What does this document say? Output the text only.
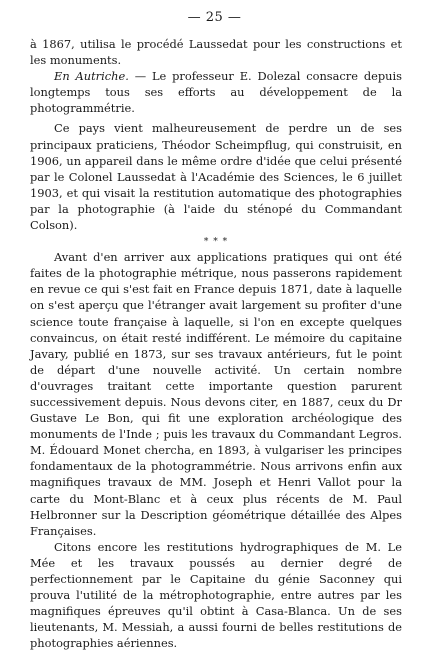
— 25 —

à 1867, utilisa le procédé Laussedat pour les constructions et les monuments.

En Autriche. — Le professeur E. Dolezal consacre depuis longtemps tous ses efforts au développement de la photogrammétrie.

Ce pays vient malheureusement de perdre un de ses principaux praticiens, Théodor Scheimpflug, qui construisit, en 1906, un appareil dans le même ordre d'idée que celui présenté par le Colonel Laussedat à l'Académie des Sciences, le 6 juillet 1903, et qui visait la restitution automatique des photographies par la photographie (à l'aide du sténopé du Commandant Colson).

* * *

Avant d'en arriver aux applications pratiques qui ont été faites de la photographie métrique, nous passerons rapidement en revue ce qui s'est fait en France depuis 1871, date à laquelle on s'est aperçu que l'étranger avait largement su profiter d'une science toute française à laquelle, si l'on en excepte quelques convaincus, on était resté indifférent. Le mémoire du capitaine Javary, publié en 1873, sur ses travaux antérieurs, fut le point de départ d'une nouvelle activité. Un certain nombre d'ouvrages traitant cette importante question parurent successivement depuis. Nous devons citer, en 1887, ceux du Dr Gustave Le Bon, qui fit une exploration archéologique des monuments de l'Inde ; puis les travaux du Commandant Legros. M. Édouard Monet chercha, en 1893, à vulgariser les principes fondamentaux de la photogrammétrie. Nous arrivons enfin aux magnifiques travaux de MM. Joseph et Henri Vallot pour la carte du Mont-Blanc et à ceux plus récents de M. Paul Helbronner sur la Description géométrique détaillée des Alpes Françaises.

Citons encore les restitutions hydrographiques de M. Le Mée et les travaux poussés au dernier degré de perfectionnement par le Capitaine du génie Saconney qui prouva l'utilité de la métrophotographie, entre autres par les magnifiques épreuves qu'il obtint à Casa-Blanca. Un de ses lieutenants, M. Messiah, a aussi fourni de belles restitutions de photographies aériennes.
